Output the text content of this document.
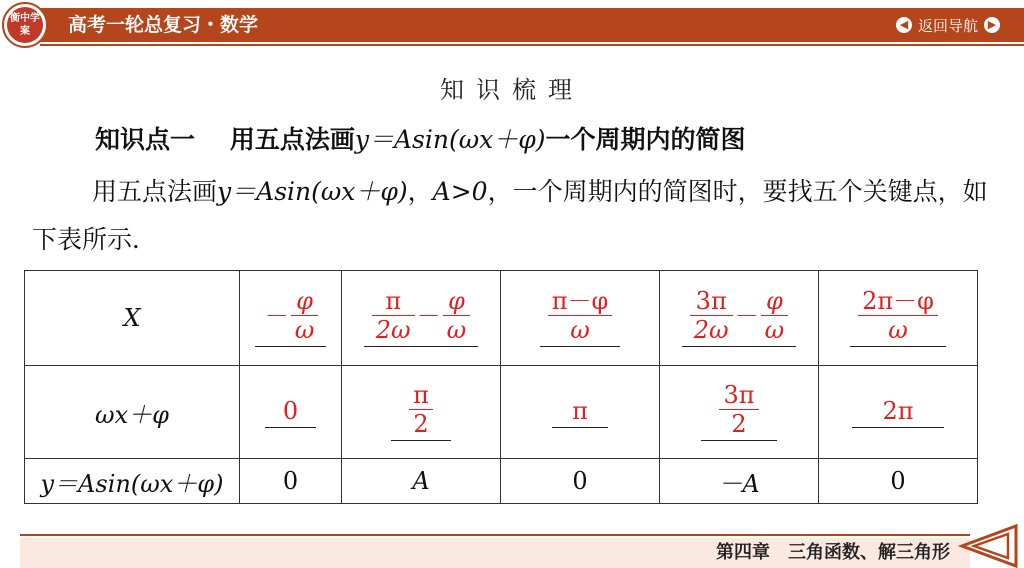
衡中学案	高考一轮总复习・数学	◀ 返回导航 ▶
知识梳理
知识点一 用五点法画y＝Asin(ωx＋φ)一个周期内的简图
用五点法画y＝Asin(ωx＋φ)，A>0，一个周期内的简图时，要找五个关键点，如下表所示．
X	－ $\frac{\varphi}{\omega}$	$\frac{\pi}{2\omega} - \frac{\varphi}{\omega}$	$\frac{\pi-\varphi}{\omega}$	$\frac{3\pi}{2\omega} - \frac{\varphi}{\omega}$	$\frac{2\pi-\varphi}{\omega}$

ωx＋φ	0	$\frac{\pi}{2}$	π	$\frac{3\pi}{2}$	2π
y＝Asin(ωx＋φ)	0	A	0	－A	0
第四章　三角函数、解三角形
